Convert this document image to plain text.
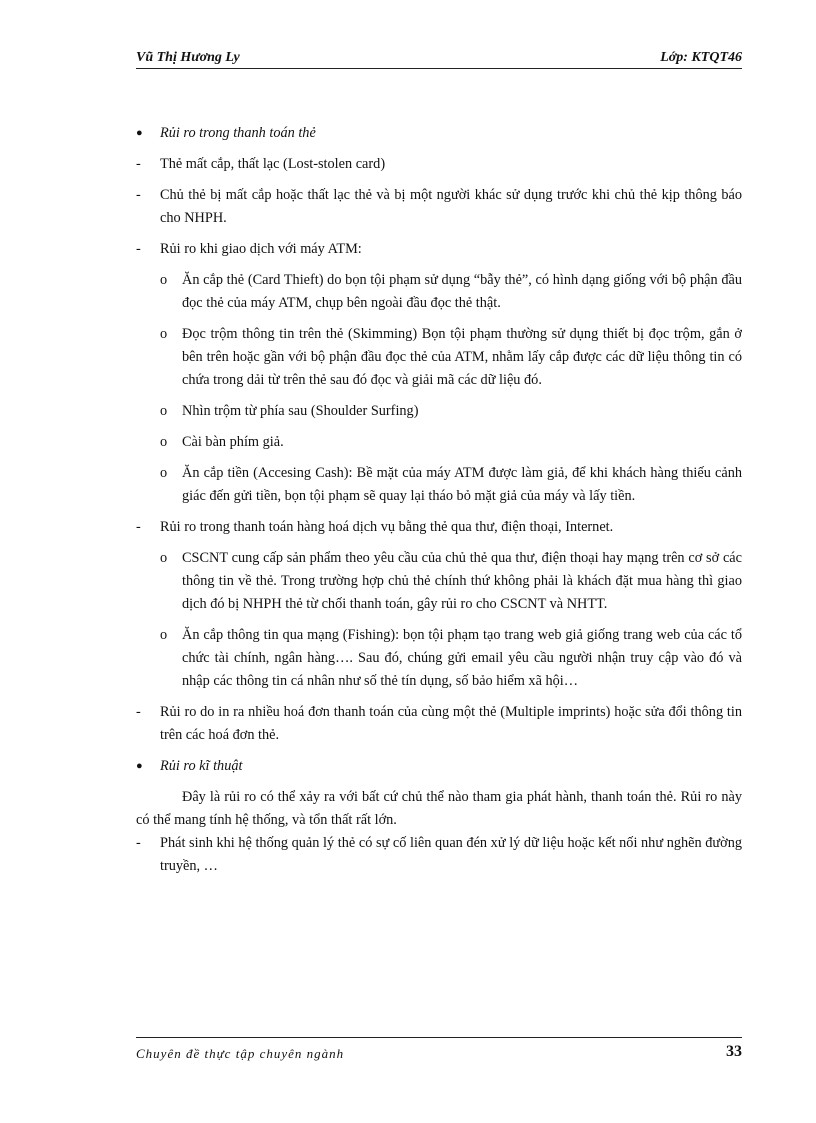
Vũ Thị Hương Ly	Lớp: KTQT46
● Rủi ro trong thanh toán thẻ
- Thẻ mất cắp, thất lạc (Lost-stolen card)

- Chủ thẻ bị mất cắp hoặc thất lạc thẻ và bị một người khác sử dụng trước khi chủ thẻ kịp thông báo cho NHPH.

- Rủi ro khi giao dịch với máy ATM:

o Ăn cắp thẻ (Card Thieft) do bọn tội phạm sử dụng “bẫy thẻ”, có hình dạng giống với bộ phận đầu đọc thẻ của máy ATM, chụp bên ngoài đầu đọc thẻ thật.

o Đọc trộm thông tin trên thẻ (Skimming) Bọn tội phạm thường sử dụng thiết bị đọc trộm, gắn ở bên trên hoặc gần với bộ phận đầu đọc thẻ của ATM, nhằm lấy cắp được các dữ liệu thông tin có chứa trong dải từ trên thẻ sau đó đọc và giải mã các dữ liệu đó.

o Nhìn trộm từ phía sau (Shoulder Surfing)

o Cài bàn phím giả.

o Ăn cắp tiền (Accesing Cash): Bề mặt của máy ATM được làm giả, để khi khách hàng thiếu cảnh giác đến gửi tiền, bọn tội phạm sẽ quay lại tháo bỏ mặt giả của máy và lấy tiền.

- Rủi ro trong thanh toán hàng hoá dịch vụ bằng thẻ qua thư, điện thoại, Internet.

o CSCNT cung cấp sản phẩm theo yêu cầu của chủ thẻ qua thư, điện thoại hay mạng trên cơ sở các thông tin về thẻ. Trong trường hợp chủ thẻ chính thứ không phải là khách đặt mua hàng thì giao dịch đó bị NHPH thẻ từ chối thanh toán, gây rủi ro cho CSCNT và NHTT.

o Ăn cắp thông tin qua mạng (Fishing): bọn tội phạm tạo trang web giả giống trang web của các tổ chức tài chính, ngân hàng…. Sau đó, chúng gửi email yêu cầu người nhận truy cập vào đó và nhập các thông tin cá nhân như số thẻ tín dụng, số bảo hiểm xã hội…

- Rủi ro do in ra nhiều hoá đơn thanh toán của cùng một thẻ (Multiple imprints) hoặc sửa đổi thông tin trên các hoá đơn thẻ.

● Rủi ro kĩ thuật

Đây là rủi ro có thể xảy ra với bất cứ chủ thể nào tham gia phát hành, thanh toán thẻ. Rủi ro này có thể mang tính hệ thống, và tổn thất rất lớn.

- Phát sinh khi hệ thống quản lý thẻ có sự cố liên quan đén xử lý dữ liệu hoặc kết nối như nghẽn đường truyền, …

Chuyên đề thực tập chuyên ngành	33
